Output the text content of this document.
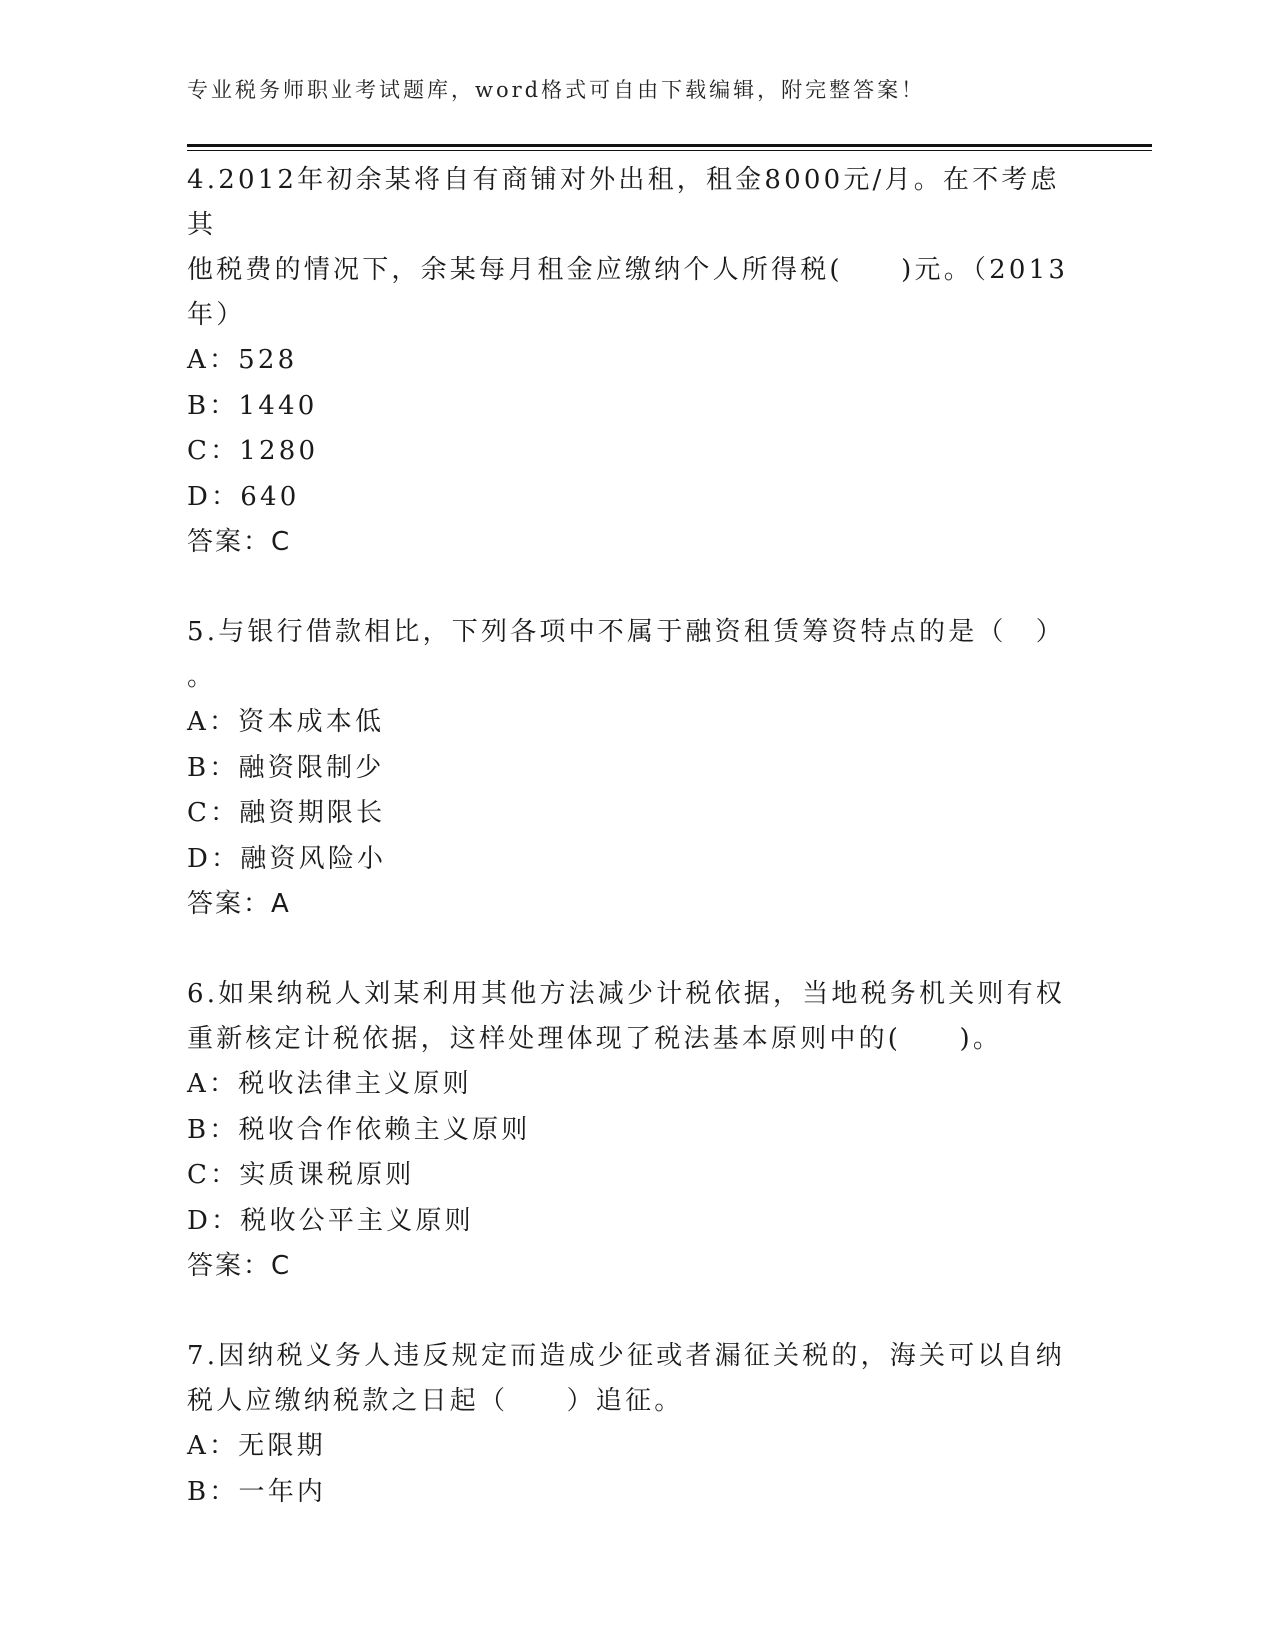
专业税务师职业考试题库，word格式可自由下载编辑，附完整答案！

4.2012年初余某将自有商铺对外出租，租金8000元/月。在不考虑其

他税费的情况下，余某每月租金应缴纳个人所得税(　　)元。（2013

年）

A：528

B：1440

C：1280

D：640

答案：C

5.与银行借款相比，下列各项中不属于融资租赁筹资特点的是（　）

。

A：资本成本低

B：融资限制少

C：融资期限长

D：融资风险小

答案：A

6.如果纳税人刘某利用其他方法减少计税依据，当地税务机关则有权

重新核定计税依据，这样处理体现了税法基本原则中的(　　)。

A：税收法律主义原则

B：税收合作依赖主义原则

C：实质课税原则

D：税收公平主义原则

答案：C

7.因纳税义务人违反规定而造成少征或者漏征关税的，海关可以自纳

税人应缴纳税款之日起（　　）追征。

A：无限期

B：一年内
